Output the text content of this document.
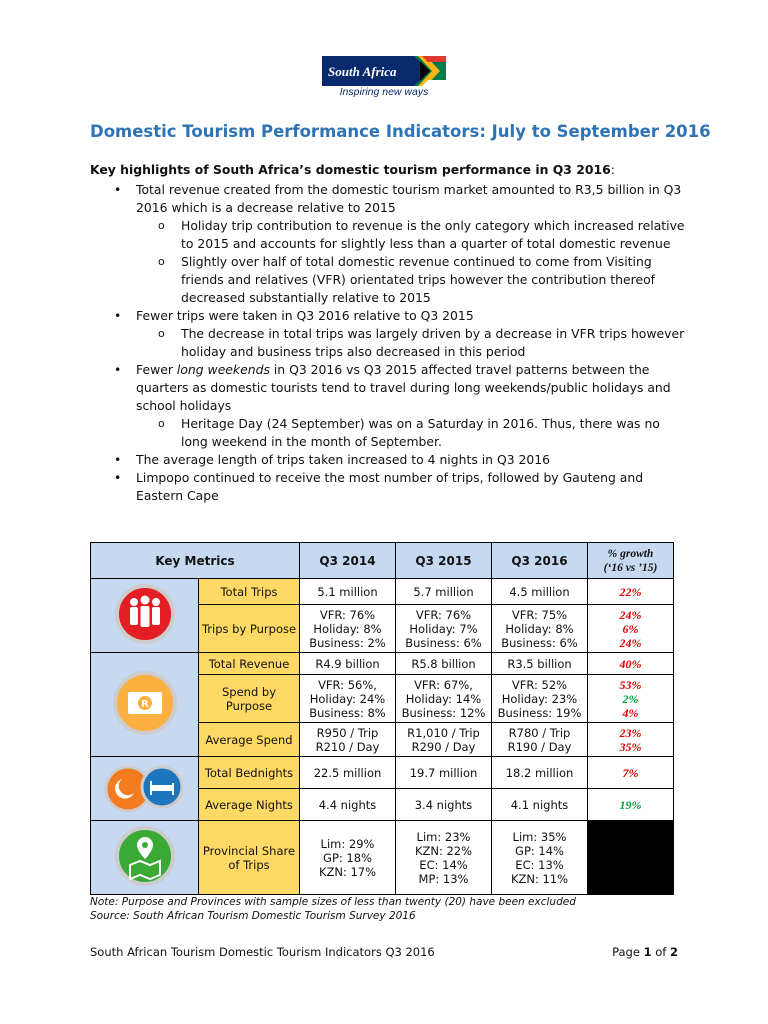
South Africa
Inspiring new ways
Domestic Tourism Performance Indicators: July to September 2016
Key highlights of South Africa’s domestic tourism performance in Q3 2016:
• Total revenue created from the domestic tourism market amounted to R3,5 billion in Q3 2016 which is a decrease relative to 2015
o Holiday trip contribution to revenue is the only category which increased relative to 2015 and accounts for slightly less than a quarter of total domestic revenue
o Slightly over half of total domestic revenue continued to come from Visiting friends and relatives (VFR) orientated trips however the contribution thereof decreased substantially relative to 2015
• Fewer trips were taken in Q3 2016 relative to Q3 2015
o The decrease in total trips was largely driven by a decrease in VFR trips however holiday and business trips also decreased in this period
• Fewer long weekends in Q3 2016 vs Q3 2015 affected travel patterns between the quarters as domestic tourists tend to travel during long weekends/public holidays and school holidays
o Heritage Day (24 September) was on a Saturday in 2016. Thus, there was no long weekend in the month of September.
• The average length of trips taken increased to 4 nights in Q3 2016
• Limpopo continued to receive the most number of trips, followed by Gauteng and Eastern Cape
Key Metrics		Q3 2014	Q3 2015	Q3 2016	% growth
(‘16 vs ’15)
	Total Trips	5.1 million	5.7 million	4.5 million	22%
	Trips by Purpose	VFR: 76%
Holiday: 8%
Business: 2%	VFR: 76%
Holiday: 7%
Business: 6%	VFR: 75%
Holiday: 8%
Business: 6%	24%
6%
24%

R	Total Revenue	R4.9 billion	R5.8 billion	R3.5 billion	40%
	Spend by Purpose	VFR: 56%,
Holiday: 24%
Business: 8%	VFR: 67%,
Holiday: 14%
Business: 12%	VFR: 52%
Holiday: 23%
Business: 19%	53%
2%
4%
	Average Spend	R950 / Trip
R210 / Day	R1,010 / Trip
R290 / Day	R780 / Trip
R190 / Day	23%
35%
	Total Bednights	22.5 million	19.7 million	18.2 million	7%
	Average Nights	4.4 nights	3.4 nights	4.1 nights	19%
	Provincial Share of Trips	Lim: 29%
GP: 18%
KZN: 17%	Lim: 23%
KZN: 22%
EC: 14%
MP: 13%	Lim: 35%
GP: 14%
EC: 13%
KZN: 11%	
Note: Purpose and Provinces with sample sizes of less than twenty (20) have been excluded
Source: South African Tourism Domestic Tourism Survey 2016
South African Tourism Domestic Tourism Indicators Q3 2016	Page 1 of 2
